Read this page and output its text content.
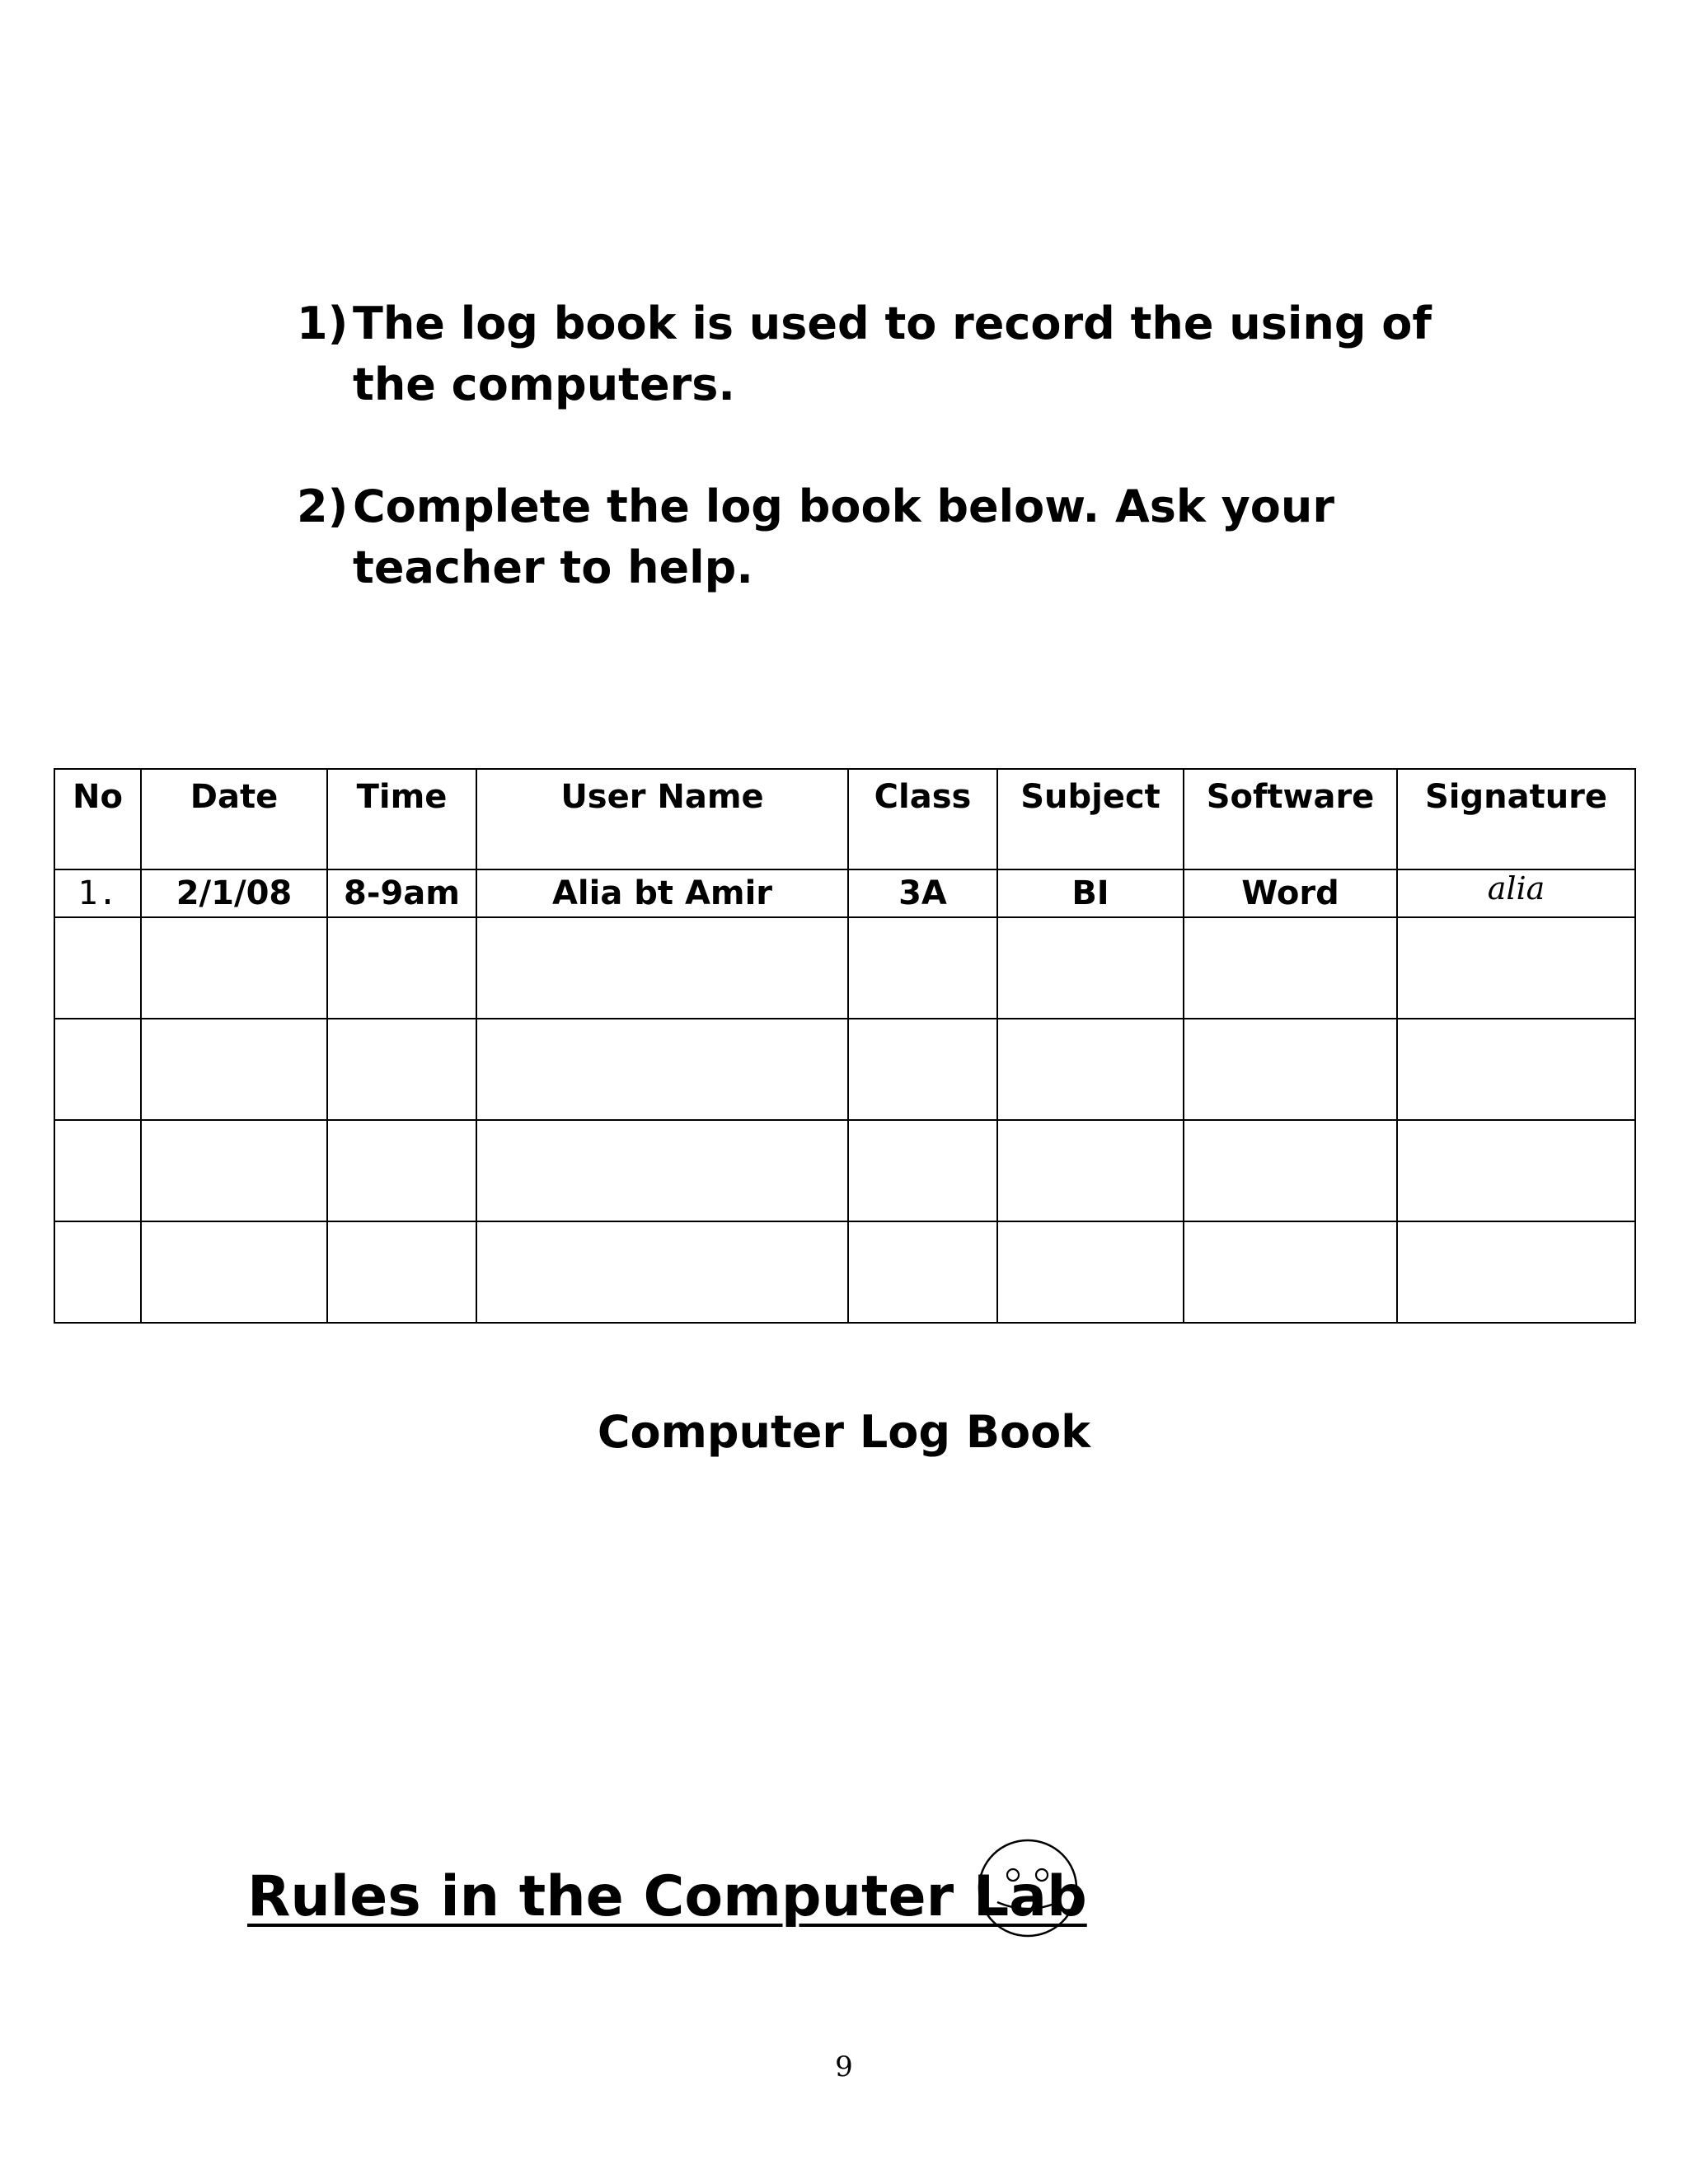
1) The log book is used to record the using of the computers.
2) Complete the log book below. Ask your teacher to help.
No	Date	Time	User Name	Class	Subject	Software	Signature
1.	2/1/08	8-9am	Alia bt Amir	3A	BI	Word	alia

Computer Log Book
Rules in the Computer Lab
9
